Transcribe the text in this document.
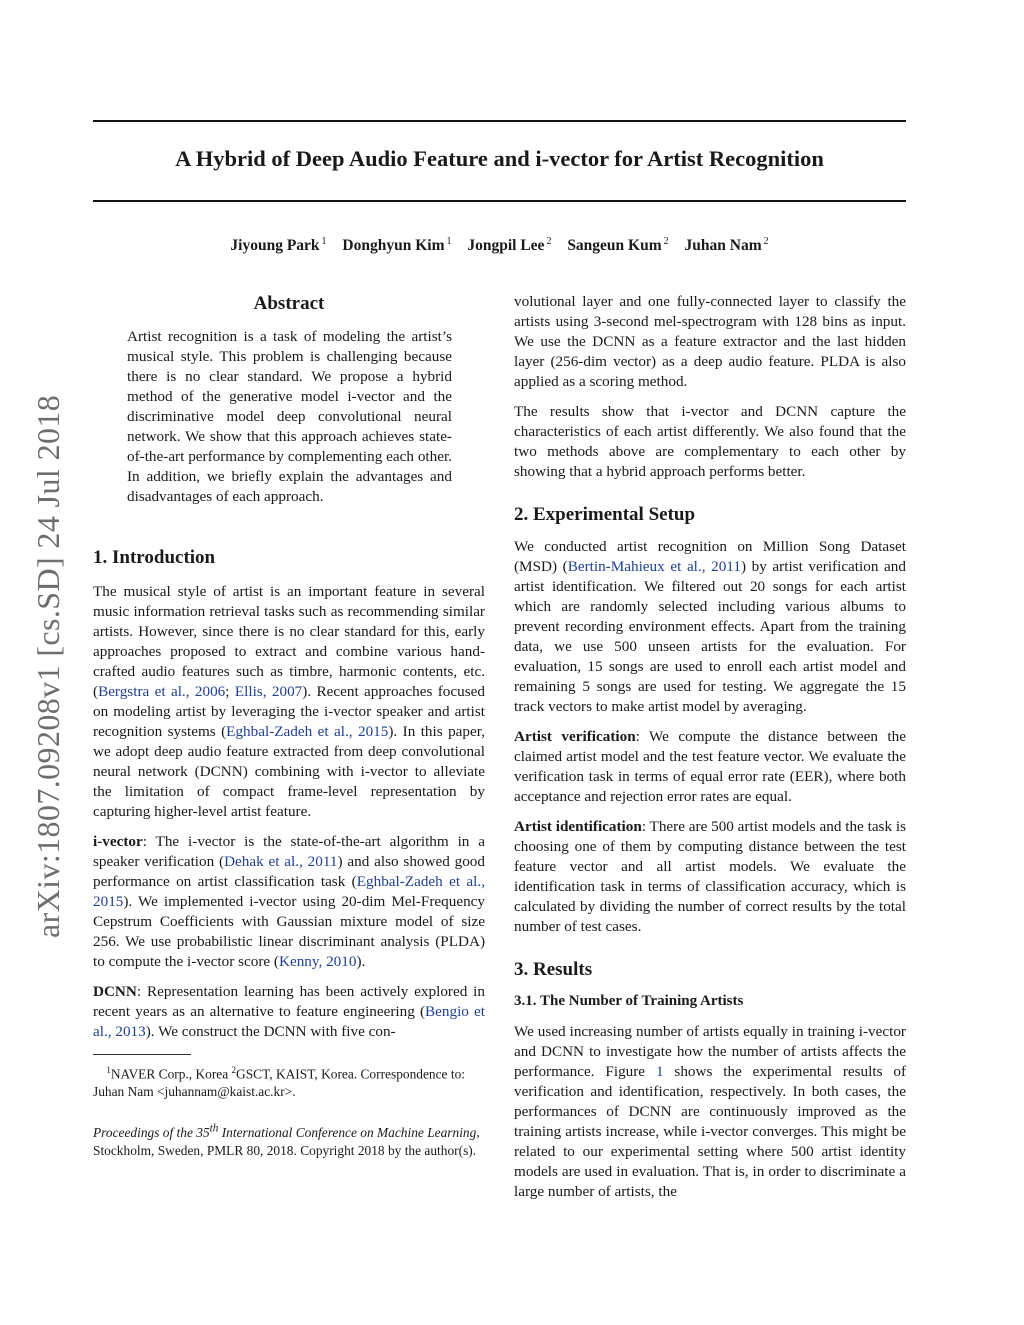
A Hybrid of Deep Audio Feature and i-vector for Artist Recognition
Jiyoung Park $^1$ Donghyun Kim $^1$ Jongpil Lee $^2$ Sangeun Kum $^2$ Juhan Nam $^2$
arXiv:1807.09208v1 [cs.SD] 24 Jul 2018
Abstract

Artist recognition is a task of modeling the artist’s musical style. This problem is challenging because there is no clear standard. We propose a hybrid method of the generative model i-vector and the discriminative model deep convolutional neural network. We show that this approach achieves state-of-the-art performance by complementing each other. In addition, we briefly explain the advantages and disadvantages of each approach.

1. Introduction

The musical style of artist is an important feature in several music information retrieval tasks such as recommending similar artists. However, since there is no clear standard for this, early approaches proposed to extract and combine various hand-crafted audio features such as timbre, harmonic contents, etc. (Bergstra et al., 2006; Ellis, 2007). Recent approaches focused on modeling artist by leveraging the i-vector speaker and artist recognition systems (Eghbal-Zadeh et al., 2015). In this paper, we adopt deep audio feature extracted from deep convolutional neural network (DCNN) combining with i-vector to alleviate the limitation of compact frame-level representation by capturing higher-level artist feature.

i-vector: The i-vector is the state-of-the-art algorithm in a speaker verification (Dehak et al., 2011) and also showed good performance on artist classification task (Eghbal-Zadeh et al., 2015). We implemented i-vector using 20-dim Mel-Frequency Cepstrum Coefficients with Gaussian mixture model of size 256. We use probabilistic linear discriminant analysis (PLDA) to compute the i-vector score (Kenny, 2010).

DCNN: Representation learning has been actively explored in recent years as an alternative to feature engineering (Bengio et al., 2013). We construct the DCNN with five con-

$^1$NAVER Corp., Korea $^2$GSCT, KAIST, Korea. Correspondence to: Juhan Nam <juhannam@kaist.ac.kr>.
Proceedings of the 35th International Conference on Machine Learning, Stockholm, Sweden, PMLR 80, 2018. Copyright 2018 by the author(s).

volutional layer and one fully-connected layer to classify the artists using 3-second mel-spectrogram with 128 bins as input. We use the DCNN as a feature extractor and the last hidden layer (256-dim vector) as a deep audio feature. PLDA is also applied as a scoring method.

The results show that i-vector and DCNN capture the characteristics of each artist differently. We also found that the two methods above are complementary to each other by showing that a hybrid approach performs better.

2. Experimental Setup

We conducted artist recognition on Million Song Dataset (MSD) (Bertin-Mahieux et al., 2011) by artist verification and artist identification. We filtered out 20 songs for each artist which are randomly selected including various albums to prevent recording environment effects. Apart from the training data, we use 500 unseen artists for the evaluation. For evaluation, 15 songs are used to enroll each artist model and remaining 5 songs are used for testing. We aggregate the 15 track vectors to make artist model by averaging.

Artist verification: We compute the distance between the claimed artist model and the test feature vector. We evaluate the verification task in terms of equal error rate (EER), where both acceptance and rejection error rates are equal.

Artist identification: There are 500 artist models and the task is choosing one of them by computing distance between the test feature vector and all artist models. We evaluate the identification task in terms of classification accuracy, which is calculated by dividing the number of correct results by the total number of test cases.

3. Results
3.1. The Number of Training Artists

We used increasing number of artists equally in training i-vector and DCNN to investigate how the number of artists affects the performance. Figure 1 shows the experimental results of verification and identification, respectively. In both cases, the performances of DCNN are continuously improved as the training artists increase, while i-vector converges. This might be related to our experimental setting where 500 artist identity models are used in evaluation. That is, in order to discriminate a large number of artists, the
